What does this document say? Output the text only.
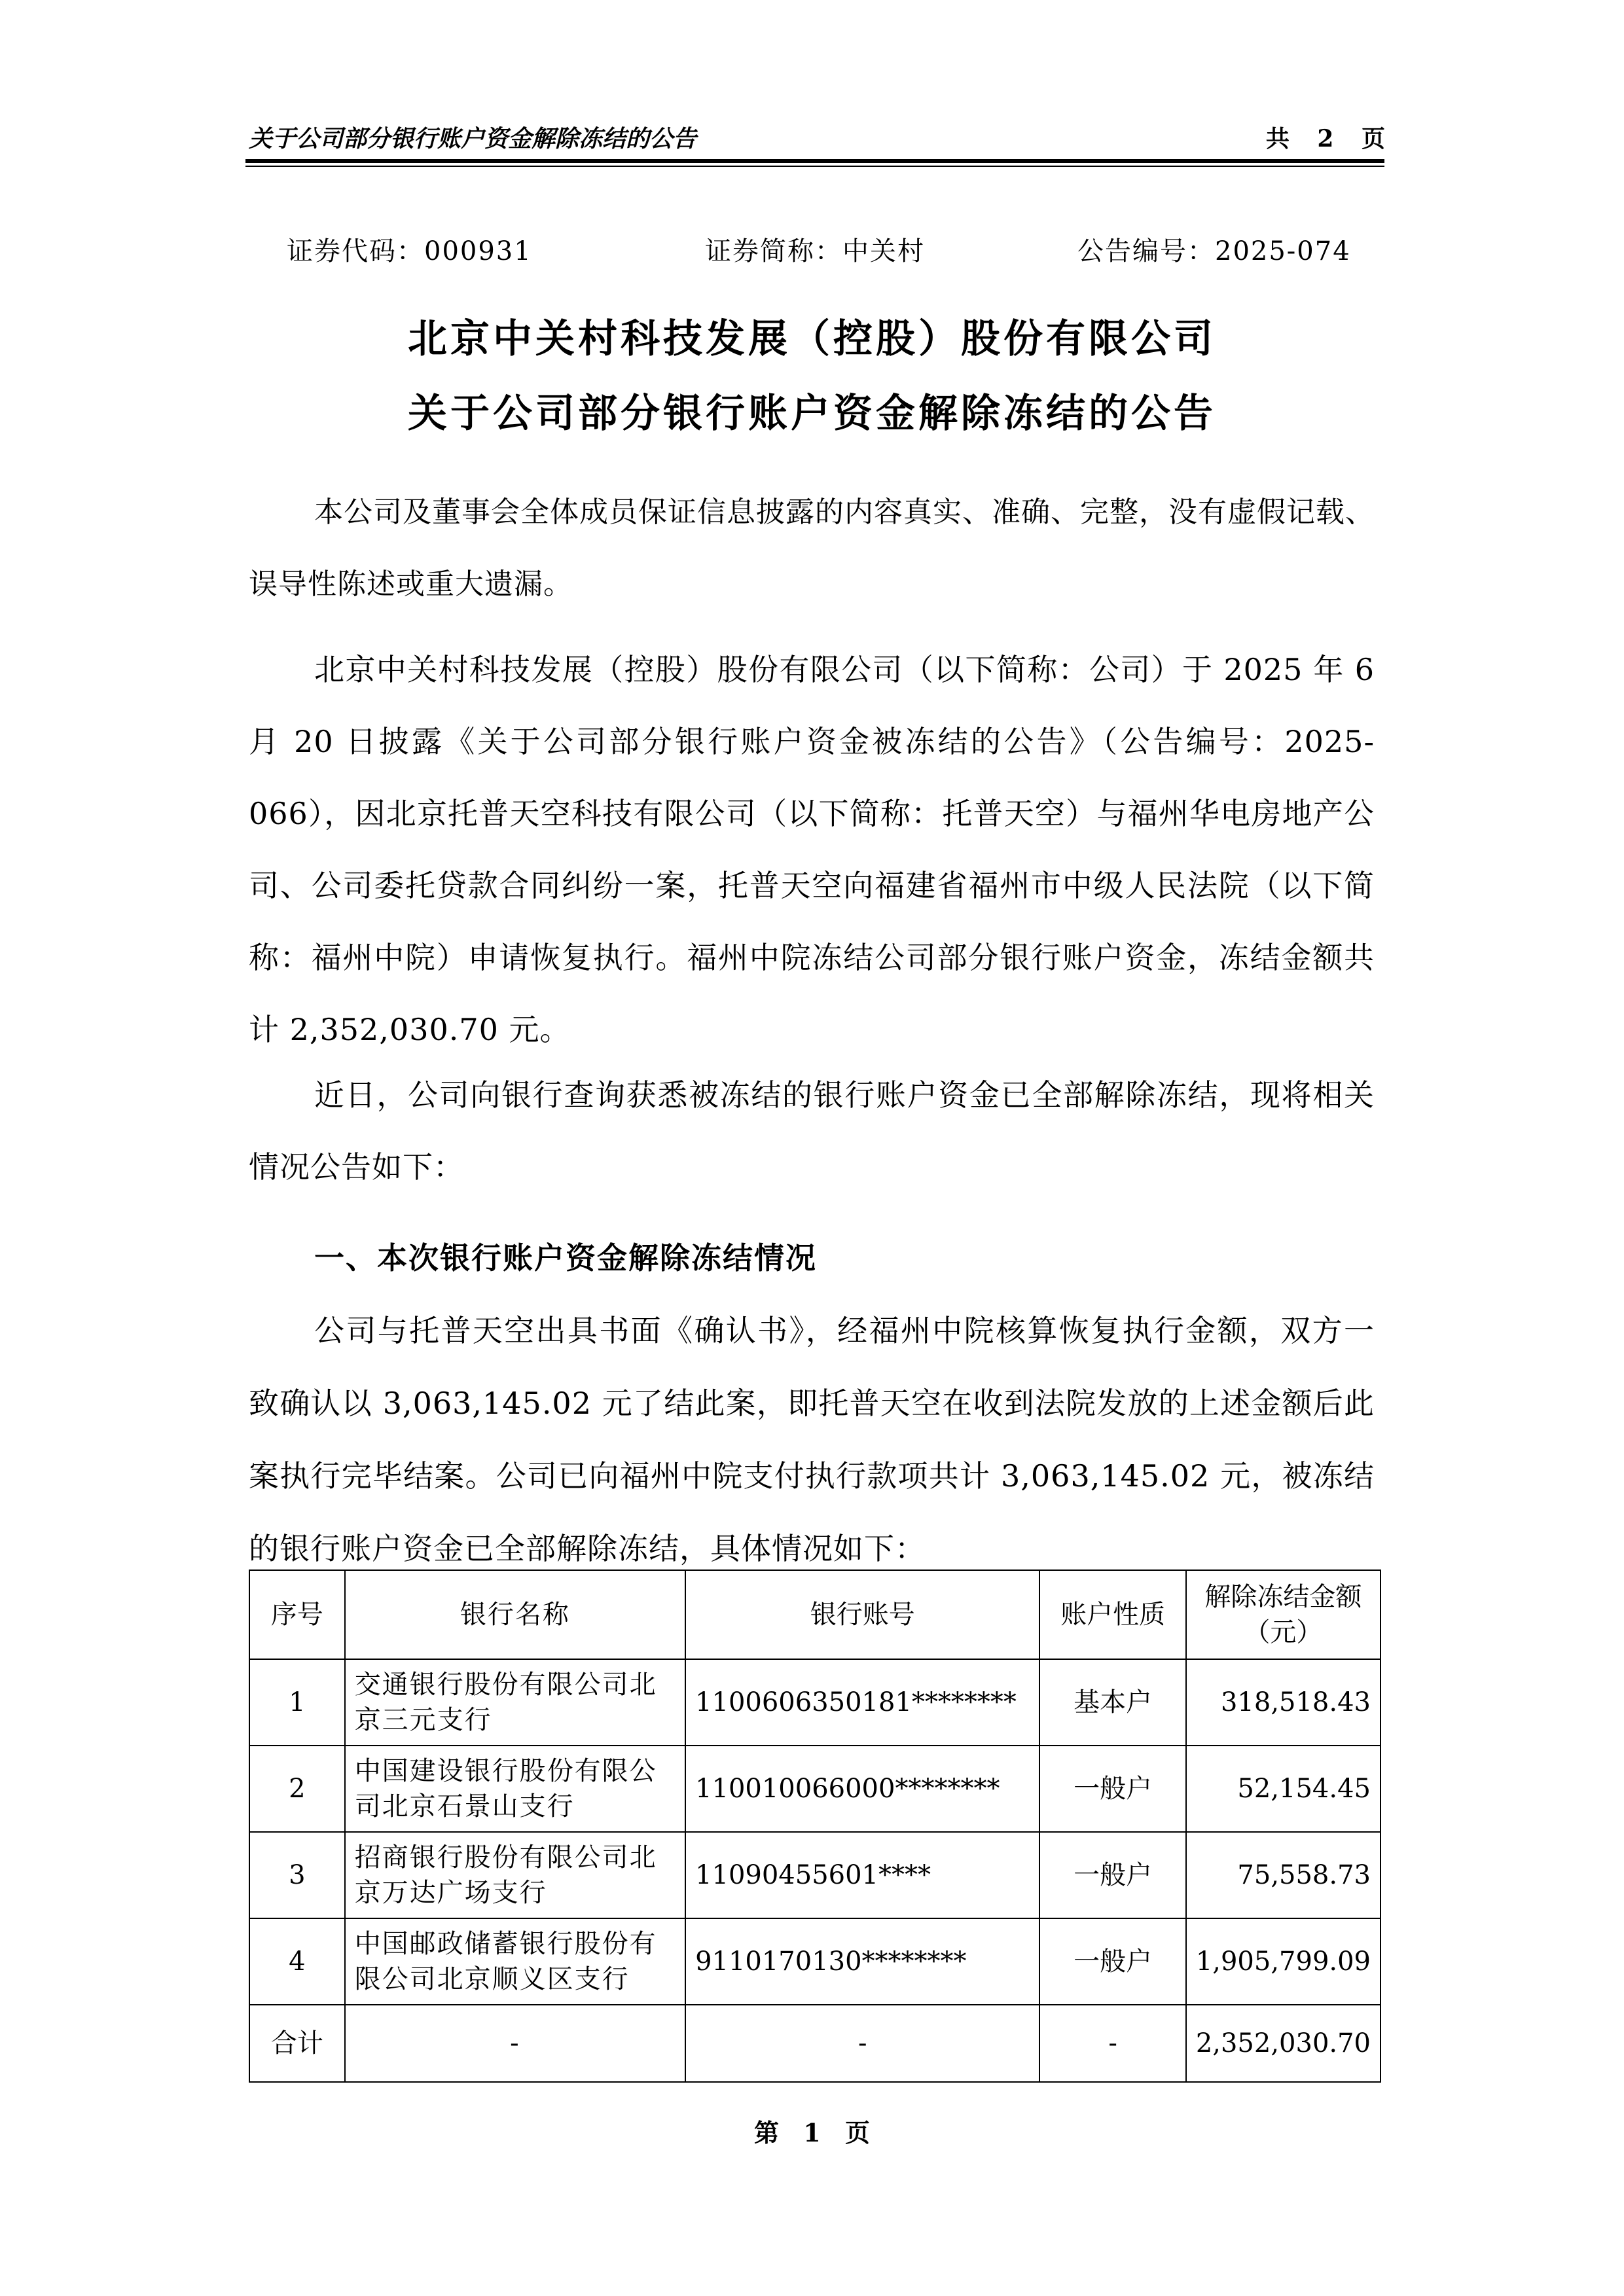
关于公司部分银行账户资金解除冻结的公告	共 2 页
证券代码：000931	证券简称：中关村	公告编号：2025-074
北京中关村科技发展（控股）股份有限公司
关于公司部分银行账户资金解除冻结的公告
本公司及董事会全体成员保证信息披露的内容真实、准确、完整，没有虚假记载、误导性陈述或重大遗漏。
北京中关村科技发展（控股）股份有限公司（以下简称：公司）于 2025 年 6 月 20 日披露《关于公司部分银行账户资金被冻结的公告》（公告编号：2025-066），因北京托普天空科技有限公司（以下简称：托普天空）与福州华电房地产公司、公司委托贷款合同纠纷一案，托普天空向福建省福州市中级人民法院（以下简称：福州中院）申请恢复执行。福州中院冻结公司部分银行账户资金，冻结金额共计 2,352,030.70 元。
近日，公司向银行查询获悉被冻结的银行账户资金已全部解除冻结，现将相关情况公告如下：
一、本次银行账户资金解除冻结情况
公司与托普天空出具书面《确认书》，经福州中院核算恢复执行金额，双方一致确认以 3,063,145.02 元了结此案，即托普天空在收到法院发放的上述金额后此案执行完毕结案。公司已向福州中院支付执行款项共计 3,063,145.02 元，被冻结的银行账户资金已全部解除冻结，具体情况如下：
序号	银行名称	银行账号	账户性质	解除冻结金额（元）
1	交通银行股份有限公司北京三元支行	1100606350181********	基本户	318,518.43
2	中国建设银行股份有限公司北京石景山支行	110010066000********	一般户	52,154.45
3	招商银行股份有限公司北京万达广场支行	11090455601****	一般户	75,558.73
4	中国邮政储蓄银行股份有限公司北京顺义区支行	9110170130********	一般户	1,905,799.09
合计	-	-	-	2,352,030.70
第 1 页
